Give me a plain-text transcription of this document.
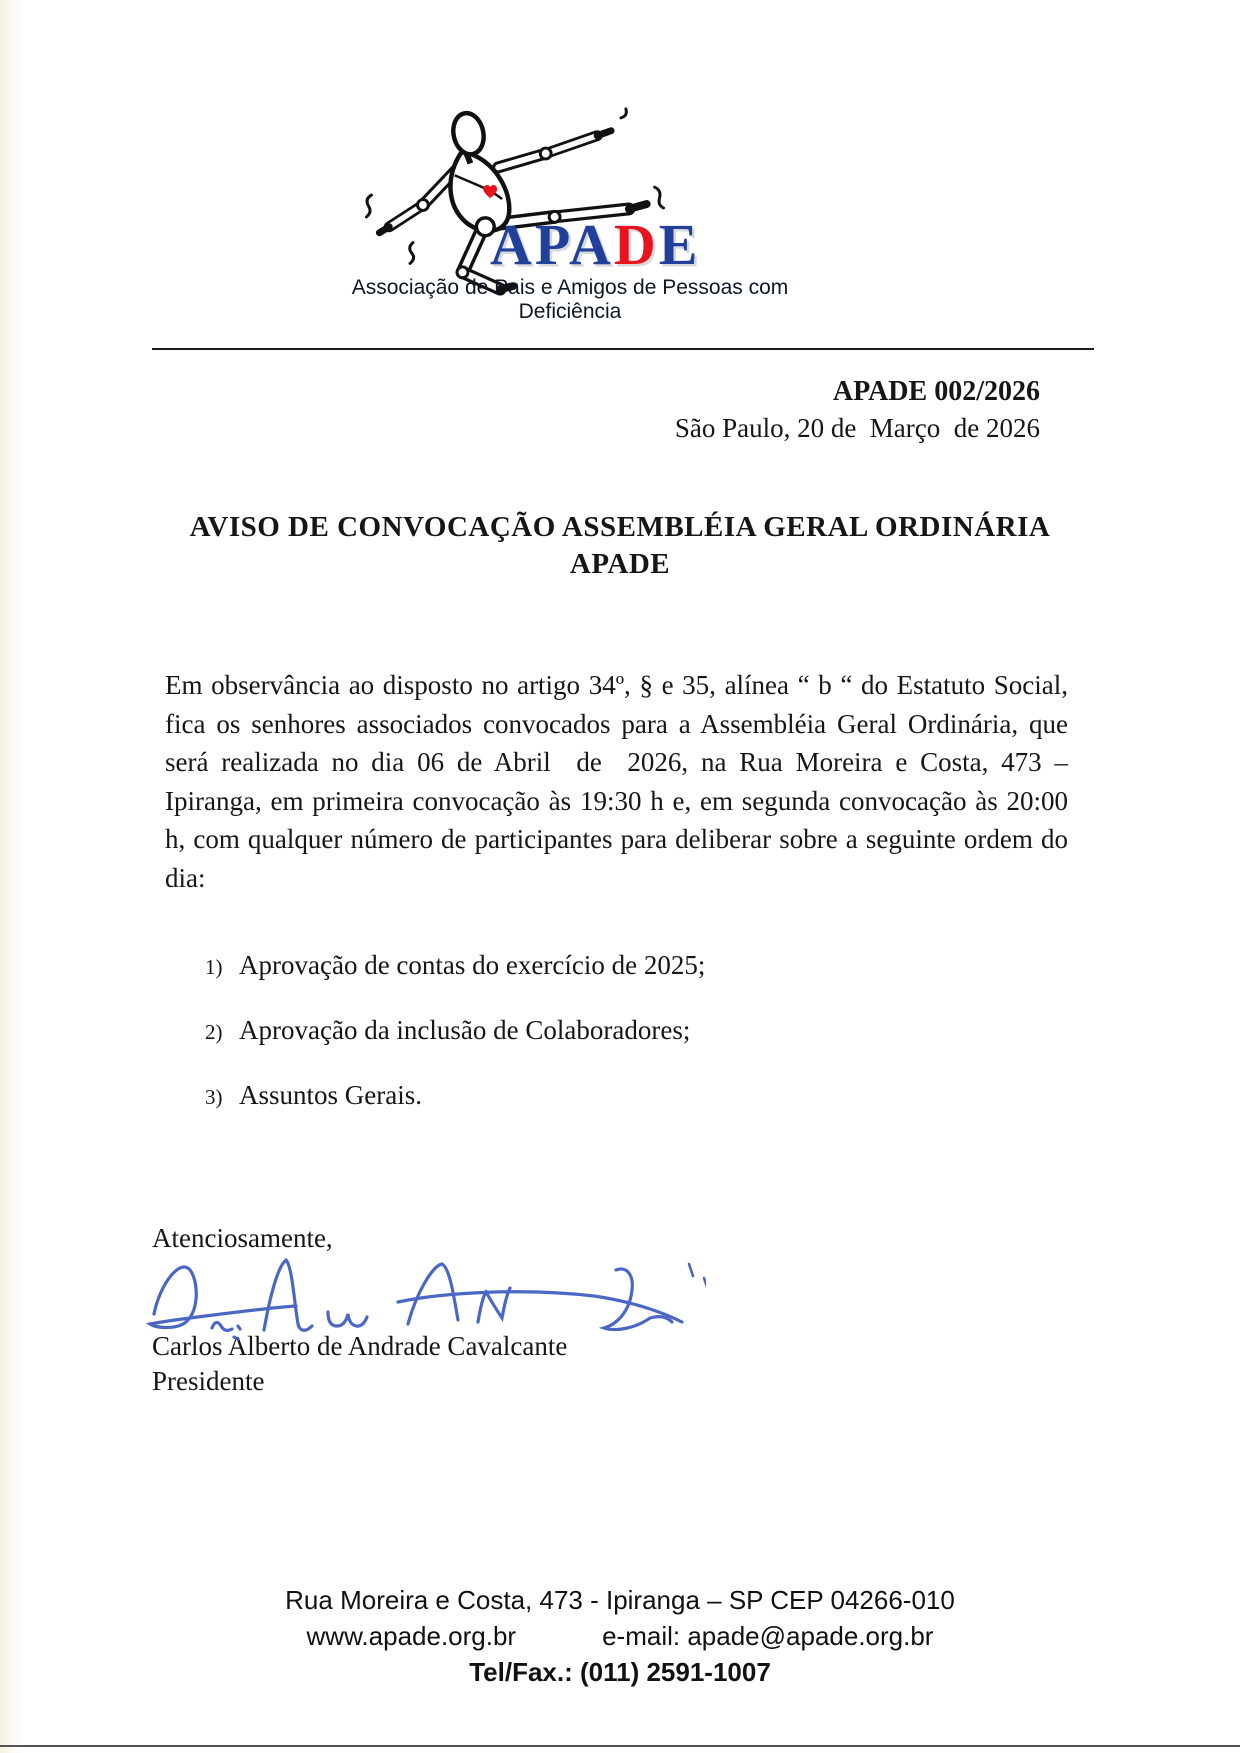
APADE
Associação de Pais e Amigos de Pessoas com Deficiência
APADE 002/2026
São Paulo, 20 de  Março  de 2026
AVISO DE CONVOCAÇÃO ASSEMBLÉIA GERAL ORDINÁRIA
APADE
Em observância ao disposto no artigo 34º, § e 35, alínea “ b “ do Estatuto Social, fica os senhores associados convocados para a Assembléia Geral Ordinária, que será realizada no dia 06 de Abril  de  2026, na Rua Moreira e Costa, 473 – Ipiranga, em primeira convocação às 19:30 h e, em segunda convocação às 20:00 h, com qualquer número de participantes para deliberar sobre a seguinte ordem do dia:
1) Aprovação de contas do exercício de 2025;
2) Aprovação da inclusão de Colaboradores;
3) Assuntos Gerais.
Atenciosamente,
Carlos Alberto de Andrade Cavalcante
Presidente
Rua Moreira e Costa, 473 - Ipiranga – SP CEP 04266-010
www.apade.org.br	e-mail: apade@apade.org.br
Tel/Fax.: (011) 2591-1007
